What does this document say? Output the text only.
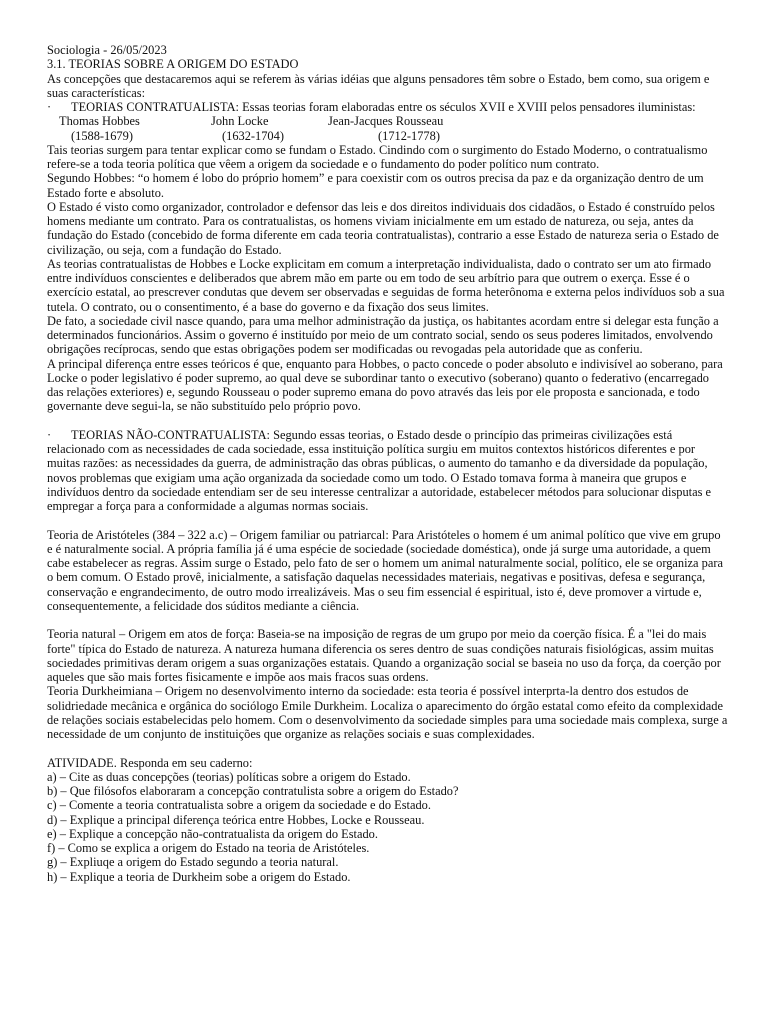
Sociologia - 26/05/2023

3.1. TEORIAS SOBRE A ORIGEM DO ESTADO

As concepções que destacaremos aqui se referem às várias idéias que alguns pensadores têm sobre o Estado, bem como, sua origem e suas características:

· TEORIAS CONTRATUALISTA: Essas teorias foram elaboradas entre os séculos XVII e XVIII pelos pensadores iluministas:

Thomas Hobbes	John Locke	Jean-Jacques Rousseau
(1588-1679)	(1632-1704)	(1712-1778)

Tais teorias surgem para tentar explicar como se fundam o Estado. Cindindo com o surgimento do Estado Moderno, o contratualismo refere-se a toda teoria política que vêem a origem da sociedade e o fundamento do poder político num contrato.

Segundo Hobbes: “o homem é lobo do próprio homem” e para coexistir com os outros precisa da paz e da organização dentro de um Estado forte e absoluto.

O Estado é visto como organizador, controlador e defensor das leis e dos direitos individuais dos cidadãos, o Estado é construído pelos homens mediante um contrato. Para os contratualistas, os homens viviam inicialmente em um estado de natureza, ou seja, antes da fundação do Estado (concebido de forma diferente em cada teoria contratualistas), contrario a esse Estado de natureza seria o Estado de civilização, ou seja, com a fundação do Estado.

As teorias contratualistas de Hobbes e Locke explicitam em comum a interpretação individualista, dado o contrato ser um ato firmado entre indivíduos conscientes e deliberados que abrem mão em parte ou em todo de seu arbítrio para que outrem o exerça. Esse é o exercício estatal, ao prescrever condutas que devem ser observadas e seguidas de forma heterônoma e externa pelos indivíduos sob a sua tutela. O contrato, ou o consentimento, é a base do governo e da fixação dos seus limites.

De fato, a sociedade civil nasce quando, para uma melhor administração da justiça, os habitantes acordam entre si delegar esta função a determinados funcionários. Assim o governo é instituído por meio de um contrato social, sendo os seus poderes limitados, envolvendo obrigações recíprocas, sendo que estas obrigações podem ser modificadas ou revogadas pela autoridade que as conferiu.

A principal diferença entre esses teóricos é que, enquanto para Hobbes, o pacto concede o poder absoluto e indivisível ao soberano, para Locke o poder legislativo é poder supremo, ao qual deve se subordinar tanto o executivo (soberano) quanto o federativo (encarregado das relações exteriores) e, segundo Rousseau o poder supremo emana do povo através das leis por ele proposta e sancionada, e todo governante deve segui-la, se não substituído pelo próprio povo.

· TEORIAS NÃO-CONTRATUALISTA: Segundo essas teorias, o Estado desde o princípio das primeiras civilizações está relacionado com as necessidades de cada sociedade, essa instituição política surgiu em muitos contextos históricos diferentes e por muitas razões: as necessidades da guerra, de administração das obras públicas, o aumento do tamanho e da diversidade da população, novos problemas que exigiam uma ação organizada da sociedade como um todo. O Estado tomava forma à maneira que grupos e indivíduos dentro da sociedade entendiam ser de seu interesse centralizar a autoridade, estabelecer métodos para solucionar disputas e empregar a força para a conformidade a algumas normas sociais.

Teoria de Aristóteles (384 – 322 a.c) – Origem familiar ou patriarcal: Para Aristóteles o homem é um animal político que vive em grupo e é naturalmente social. A própria família já é uma espécie de sociedade (sociedade doméstica), onde já surge uma autoridade, a quem cabe estabelecer as regras. Assim surge o Estado, pelo fato de ser o homem um animal naturalmente social, político, ele se organiza para o bem comum. O Estado provê, inicialmente, a satisfação daquelas necessidades materiais, negativas e positivas, defesa e segurança, conservação e engrandecimento, de outro modo irrealizáveis. Mas o seu fim essencial é espiritual, isto é, deve promover a virtude e, consequentemente, a felicidade dos súditos mediante a ciência.

Teoria natural – Origem em atos de força: Baseia-se na imposição de regras de um grupo por meio da coerção física. É a "lei do mais forte" típica do Estado de natureza. A natureza humana diferencia os seres dentro de suas condições naturais fisiológicas, assim muitas sociedades primitivas deram origem a suas organizações estatais. Quando a organização social se baseia no uso da força, da coerção por aqueles que são mais fortes fisicamente e impõe aos mais fracos suas ordens.

Teoria Durkheimiana – Origem no desenvolvimento interno da sociedade: esta teoria é possível interprta-la dentro dos estudos de solidriedade mecânica e orgânica do sociólogo Emile Durkheim. Localiza o aparecimento do órgão estatal como efeito da complexidade de relações sociais estabelecidas pelo homem. Com o desenvolvimento da sociedade simples para uma sociedade mais complexa, surge a necessidade de um conjunto de instituições que organize as relações sociais e suas complexidades.

ATIVIDADE. Responda em seu caderno:

a) – Cite as duas concepções (teorias) políticas sobre a origem do Estado.

b) – Que filósofos elaboraram a concepção contratulista sobre a origem do Estado?

c) – Comente a teoria contratualista sobre a origem da sociedade e do Estado.

d) – Explique a principal diferença teórica entre Hobbes, Locke e Rousseau.

e) – Explique a concepção não-contratualista da origem do Estado.

f) – Como se explica a origem do Estado na teoria de Aristóteles.

g) – Expliuqe a origem do Estado segundo a teoria natural.

h) – Explique a teoria de Durkheim sobe a origem do Estado.
